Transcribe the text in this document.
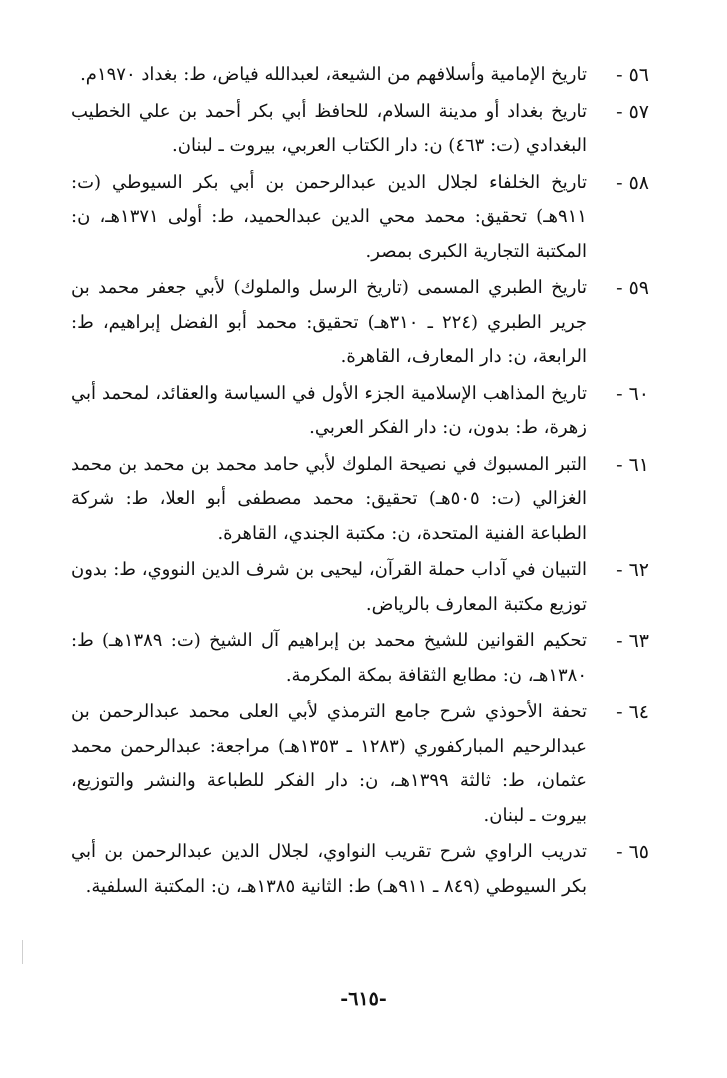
٥٦ -
تاريخ الإمامية وأسلافهم من الشيعة، لعبدالله فياض، ط: بغداد ١٩٧٠م.
٥٧ -
تاريخ بغداد أو مدينة السلام، للحافظ أبي بكر أحمد بن علي الخطيب البغدادي (ت: ٤٦٣) ن: دار الكتاب العربي، بيروت ـ لبنان.
٥٨ -
تاريخ الخلفاء لجلال الدين عبدالرحمن بن أبي بكر السيوطي (ت: ٩١١هـ) تحقيق: محمد محي الدين عبدالحميد، ط: أولى ١٣٧١هـ، ن: المكتبة التجارية الكبرى بمصر.
٥٩ -
تاريخ الطبري المسمى (تاريخ الرسل والملوك) لأبي جعفر محمد بن جرير الطبري (٢٢٤ ـ ٣١٠هـ) تحقيق: محمد أبو الفضل إبراهيم، ط: الرابعة، ن: دار المعارف، القاهرة.
٦٠ -
تاريخ المذاهب الإسلامية الجزء الأول في السياسة والعقائد، لمحمد أبي زهرة، ط: بدون، ن: دار الفكر العربي.
٦١ -
التبر المسبوك في نصيحة الملوك لأبي حامد محمد بن محمد بن محمد الغزالي (ت: ٥٠٥هـ) تحقيق: محمد مصطفى أبو العلا، ط: شركة الطباعة الفنية المتحدة، ن: مكتبة الجندي، القاهرة.
٦٢ -
التبيان في آداب حملة القرآن، ليحيى بن شرف الدين النووي، ط: بدون توزيع مكتبة المعارف بالرياض.
٦٣ -
تحكيم القوانين للشيخ محمد بن إبراهيم آل الشيخ (ت: ١٣٨٩هـ) ط: ١٣٨٠هـ، ن: مطابع الثقافة بمكة المكرمة.
٦٤ -
تحفة الأحوذي شرح جامع الترمذي لأبي العلى محمد عبدالرحمن بن عبدالرحيم المباركفوري (١٢٨٣ ـ ١٣٥٣هـ) مراجعة: عبدالرحمن محمد عثمان، ط: ثالثة ١٣٩٩هـ، ن: دار الفكر للطباعة والنشر والتوزيع، بيروت ـ لبنان.
٦٥ -
تدريب الراوي شرح تقريب النواوي، لجلال الدين عبدالرحمن بن أبي بكر السيوطي (٨٤٩ ـ ٩١١هـ) ط: الثانية ١٣٨٥هـ، ن: المكتبة السلفية.
-٦١٥-
